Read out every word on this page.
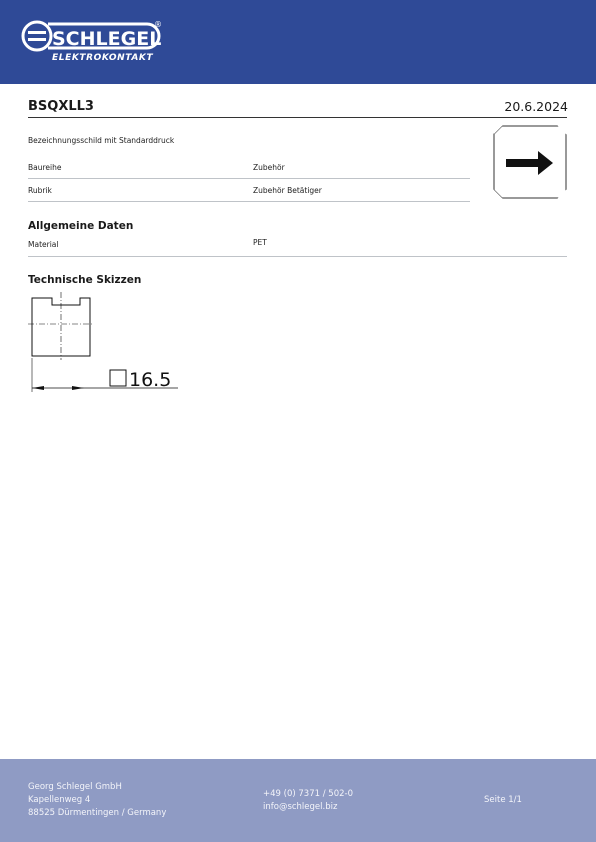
SCHLEGEL
®
ELEKTROKONTAKT
BSQXLL3	20.6.2024
Bezeichnungsschild mit Standarddruck
Baureihe	Zubehör
Rubrik	Zubehör Betätiger
Allgemeine Daten
Material	PET
Technische Skizzen
16.5
Georg Schlegel GmbH
Kapellenweg 4
88525 Dürmentingen / Germany
+49 (0) 7371 / 502-0
info@schlegel.biz
Seite 1/1
